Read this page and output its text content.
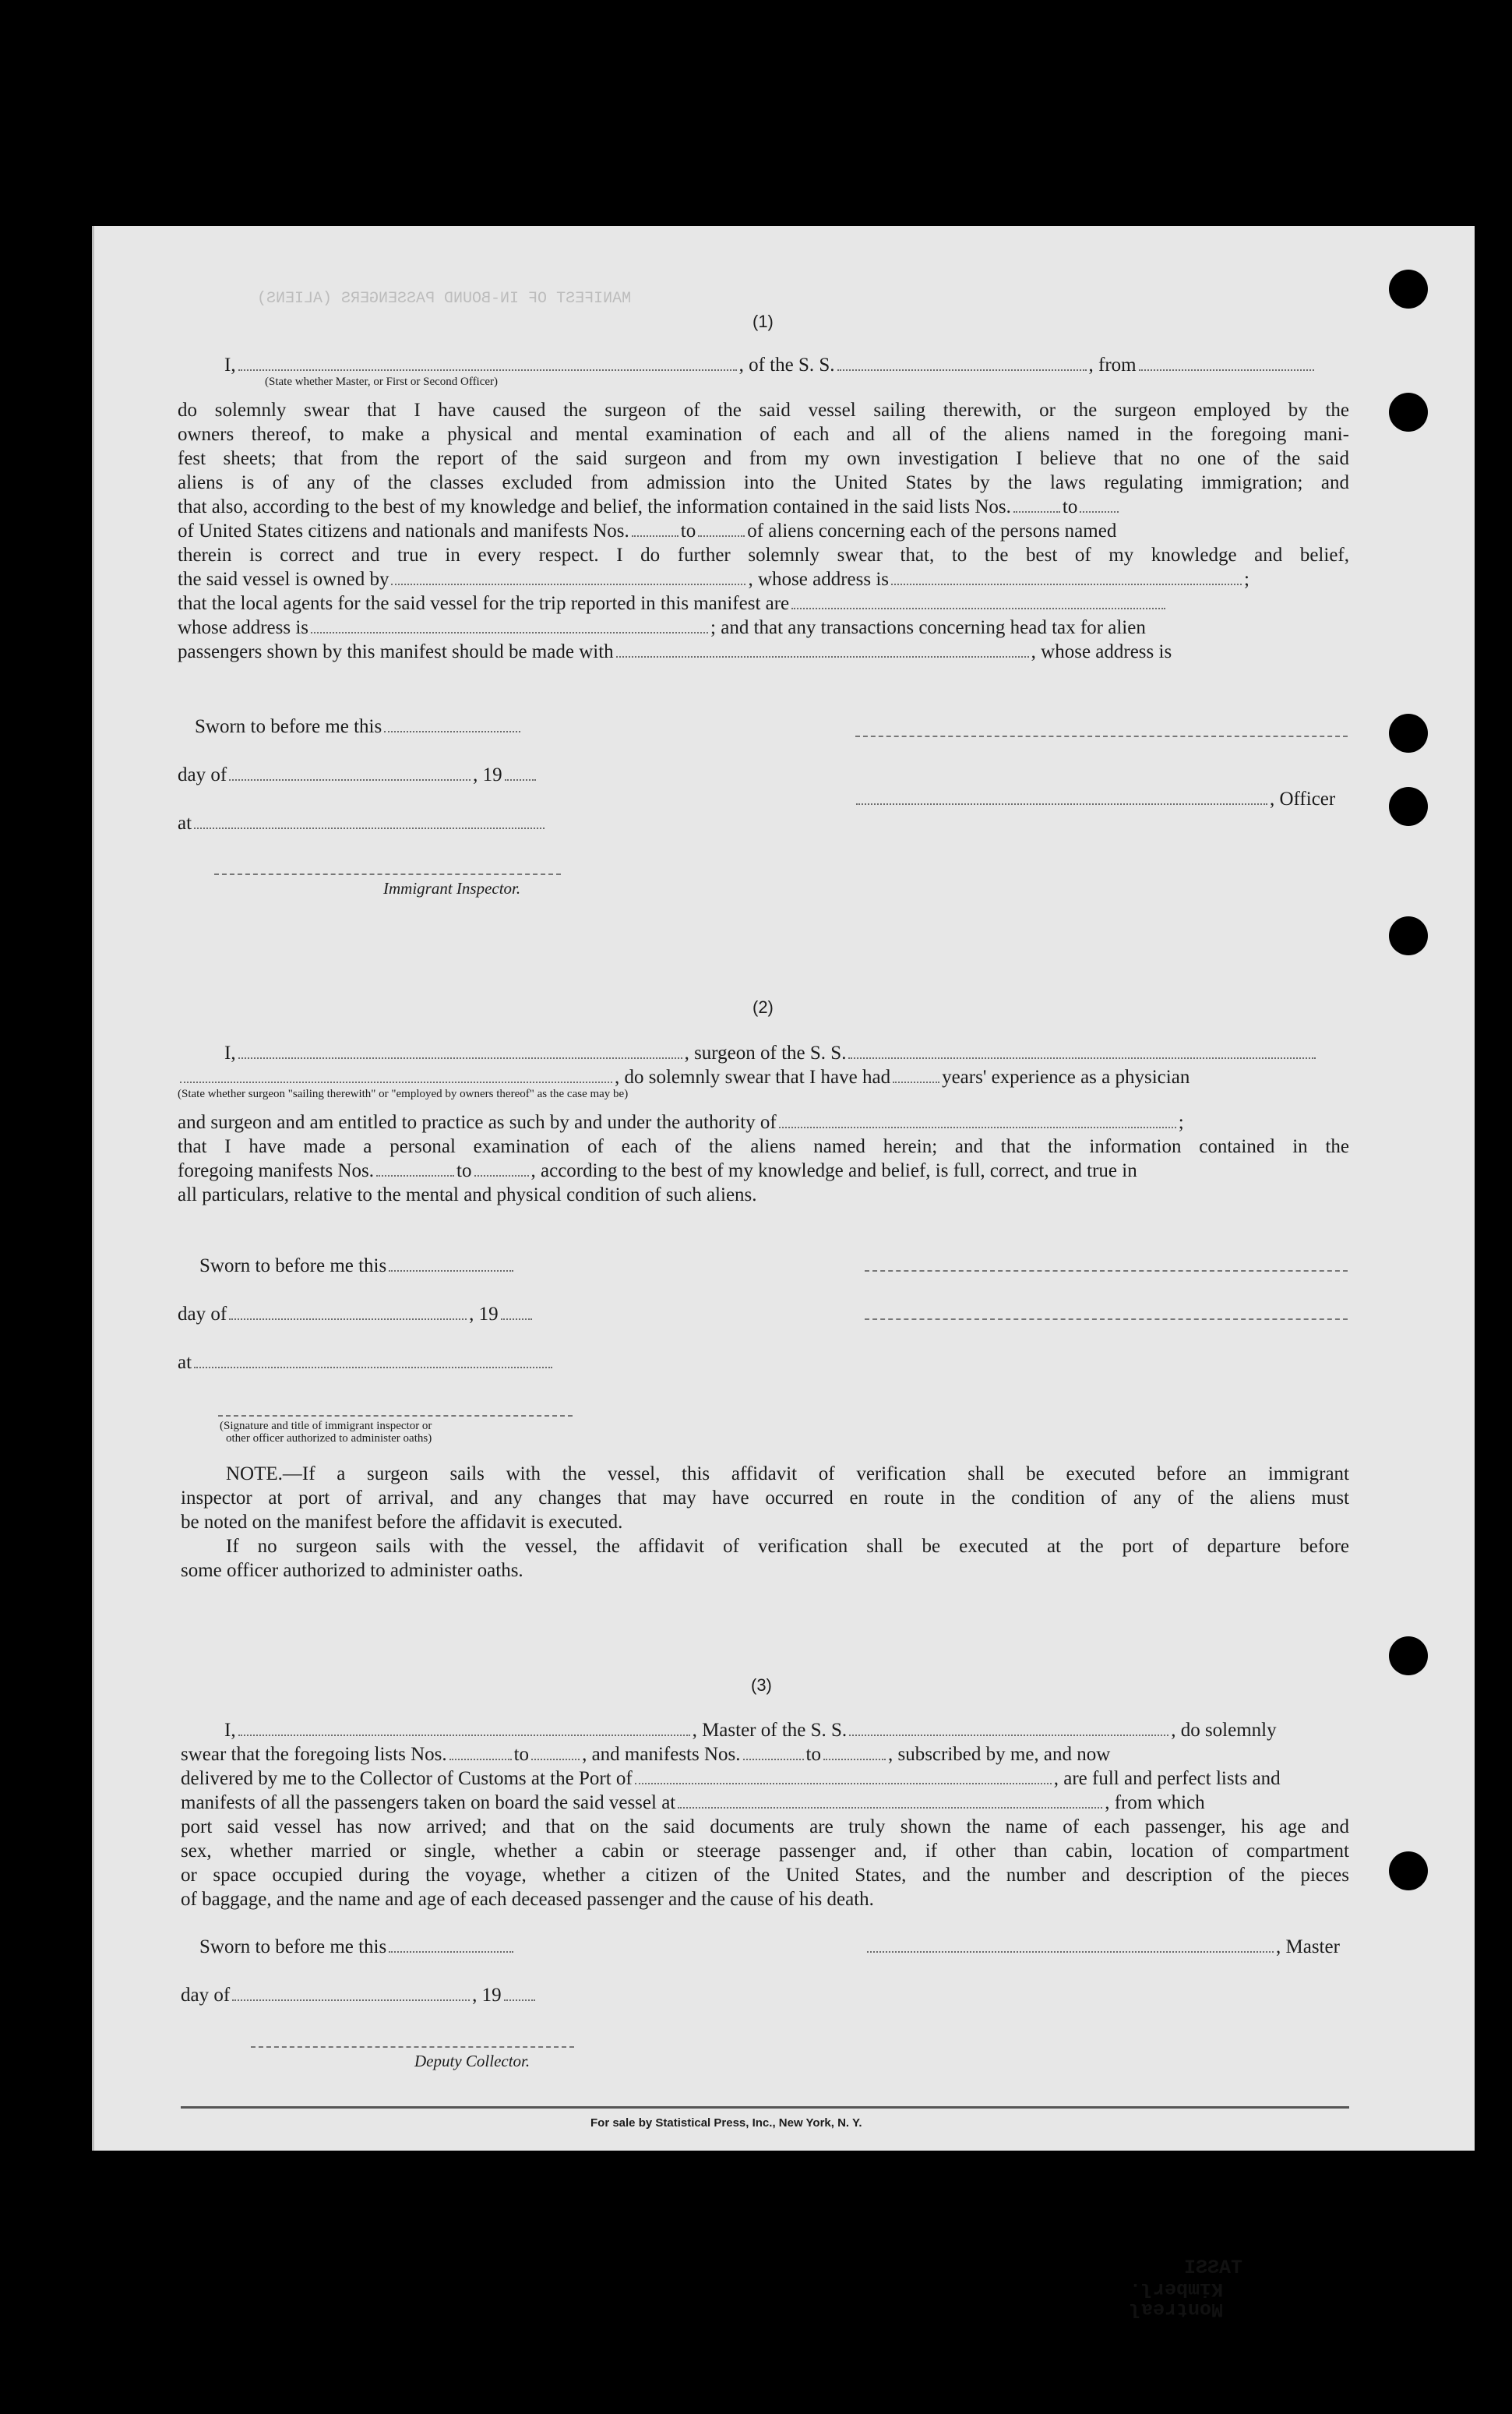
MANIFEST OF IN-BOUND PASSENGERS (ALIENS)
(1)
I,	, of the S. S.	, from
(State whether Master, or First or Second Officer)
do solemnly swear that I have caused the surgeon of the said vessel sailing therewith, or the surgeon employed by the
owners thereof, to make a physical and mental examination of each and all of the aliens named in the foregoing mani-
fest sheets; that from the report of the said surgeon and from my own investigation I believe that no one of the said
aliens is of any of the classes excluded from admission into the United States by the laws regulating immigration; and
that also, according to the best of my knowledge and belief, the information contained in the said lists Nos.	to
of United States citizens and nationals and manifests Nos.	to	of aliens concerning each of the persons named
therein is correct and true in every respect. I do further solemnly swear that, to the best of my knowledge and belief,
the said vessel is owned by	, whose address is	;
that the local agents for the said vessel for the trip reported in this manifest are
whose address is	; and that any transactions concerning head tax for alien
passengers shown by this manifest should be made with	, whose address is
Sworn to before me this
day of	, 19
at
Immigrant Inspector.
, Officer
(2)
I,	, surgeon of the S. S.
, do solemnly swear that I have had	years' experience as a physician
(State whether surgeon "sailing therewith" or "employed by owners thereof" as the case may be)
and surgeon and am entitled to practice as such by and under the authority of	;
that I have made a personal examination of each of the aliens named herein; and that the information contained in the
foregoing manifests Nos.	to	, according to the best of my knowledge and belief, is full, correct, and true in
all particulars, relative to the mental and physical condition of such aliens.
Sworn to before me this
day of	, 19
at
(Signature and title of immigrant inspector or
other officer authorized to administer oaths)
NOTE.—If a surgeon sails with the vessel, this affidavit of verification shall be executed before an immigrant
inspector at port of arrival, and any changes that may have occurred en route in the condition of any of the aliens must
be noted on the manifest before the affidavit is executed.
If no surgeon sails with the vessel, the affidavit of verification shall be executed at the port of departure before
some officer authorized to administer oaths.
(3)
I,	, Master of the S. S.	, do solemnly
swear that the foregoing lists Nos.	to	, and manifests Nos.	to	, subscribed by me, and now
delivered by me to the Collector of Customs at the Port of	, are full and perfect lists and
manifests of all the passengers taken on board the said vessel at	, from which
port said vessel has now arrived; and that on the said documents are truly shown the name of each passenger, his age and
sex, whether married or single, whether a cabin or steerage passenger and, if other than cabin, location of compartment
or space occupied during the voyage, whether a citizen of the United States, and the number and description of the pieces
of baggage, and the name and age of each deceased passenger and the cause of his death.
Sworn to before me this	, Master
day of	, 19
Deputy Collector.
For sale by Statistical Press, Inc., New York, N. Y.
TASSI
Kimberl.
Montreal
